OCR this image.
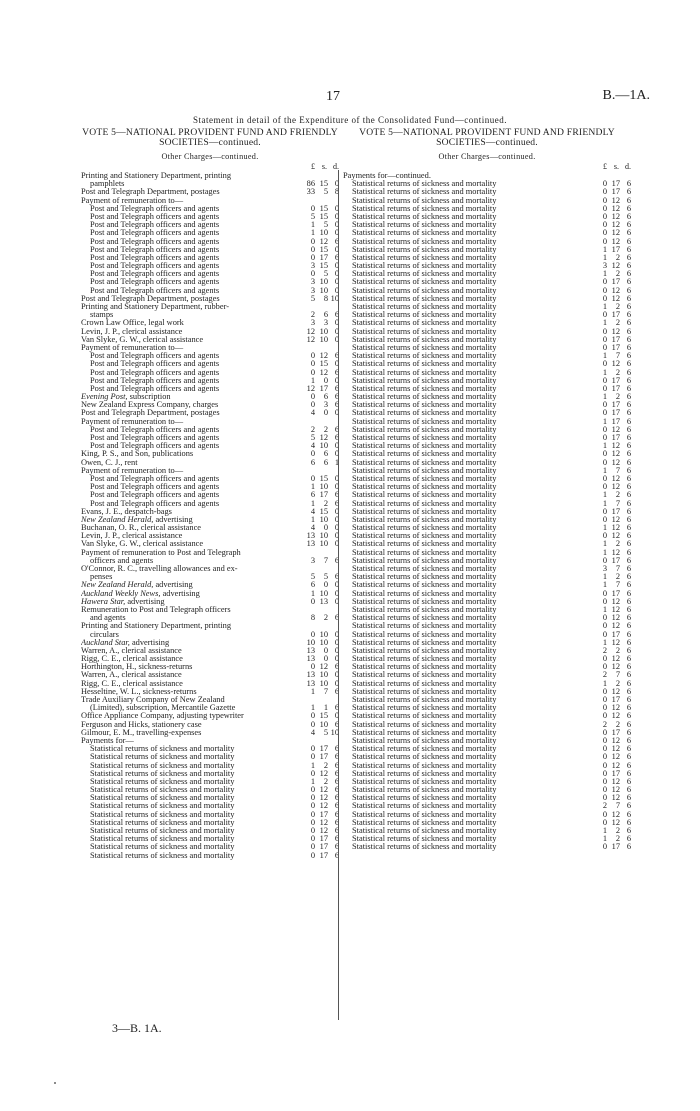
17	B.—1A.
Statement in detail of the Expenditure of the Consolidated Fund—continued.
VOTE 5—NATIONAL PROVIDENT FUND AND FRIENDLY SOCIETIES—continued.
Other Charges—continued.
£ s. d.
Printing and Stationery Department, printing
pamphlets	86 15 0
Post and Telegraph Department, postages	33	5 8
Payment of remuneration to—
Post and Telegraph officers and agents	0 15 0
Post and Telegraph officers and agents	5 15 0
Post and Telegraph officers and agents	1	5 0
Post and Telegraph officers and agents	1 10 0
Post and Telegraph officers and agents	0 12 6
Post and Telegraph officers and agents	0 15 0
Post and Telegraph officers and agents	0 17 6
Post and Telegraph officers and agents	3 15 0
Post and Telegraph officers and agents	0	5 0
Post and Telegraph officers and agents	3 10 0
Post and Telegraph officers and agents	3 10 0
Post and Telegraph Department, postages	5	8 10
Printing and Stationery Department, rubber-
stamps	2	6 6
Crown Law Office, legal work	3	3 0
Levin, J. P., clerical assistance	12 10 0
Van Slyke, G. W., clerical assistance	12 10 0
Payment of remuneration to—
Post and Telegraph officers and agents	0 12 6
Post and Telegraph officers and agents	0 15 0
Post and Telegraph officers and agents	0 12 6
Post and Telegraph officers and agents	1	0 0
Post and Telegraph officers and agents	12 17 6
Evening Post, subscription	0	6 6
New Zealand Express Company, charges	0	3 6
Post and Telegraph Department, postages	4	0 0
Payment of remuneration to—
Post and Telegraph officers and agents	2	2 6
Post and Telegraph officers and agents	5 12 6
Post and Telegraph officers and agents	4 10 0
King, P. S., and Son, publications	0	6 0
Owen, C. J., rent	6	6 1
Payment of remuneration to—
Post and Telegraph officers and agents	0 15 0
Post and Telegraph officers and agents	1 10 0
Post and Telegraph officers and agents	6 17 6
Post and Telegraph officers and agents	1	2 6
Evans, J. E., despatch-bags	4 15 0
New Zealand Herald, advertising	1 10 0
Buchanan, O. R., clerical assistance	4	0 0
Levin, J. P., clerical assistance	13 10 0
Van Slyke, G. W., clerical assistance	13 10 0
Payment of remuneration to Post and Telegraph
officers and agents	3	7 6
O'Connor, R. C., travelling allowances and ex-
penses	5	5 6
New Zealand Herald, advertising	6	0 0
Auckland Weekly News, advertising	1 10 0
Hawera Star, advertising	0 13 0
Remuneration to Post and Telegraph officers
and agents	8	2 6
Printing and Stationery Department, printing
circulars	0 10 0
Auckland Star, advertising	10 10 0
Warren, A., clerical assistance	13	0 0
Rigg, C. E., clerical assistance	13	0 0
Horthington, H., sickness-returns	0 12 6
Warren, A., clerical assistance	13 10 0
Rigg, C. E., clerical assistance	13 10 0
Hesseltine, W. L., sickness-returns	1	7 6
Trade Auxiliary Company of New Zealand
(Limited), subscription, Mercantile Gazette	1	1 6
Office Appliance Company, adjusting typewriter	0 15 0
Ferguson and Hicks, stationery case	0 10 6
Gilmour, E. M., travelling-expenses	4	5 10
Payments for—
Statistical returns of sickness and mortality	0 17 6
Statistical returns of sickness and mortality	0 17 6
Statistical returns of sickness and mortality	1	2 6
Statistical returns of sickness and mortality	0 12 6
Statistical returns of sickness and mortality	1	2 6
Statistical returns of sickness and mortality	0 12 6
Statistical returns of sickness and mortality	0 12 6
Statistical returns of sickness and mortality	0 12 6
Statistical returns of sickness and mortality	0 17 6
Statistical returns of sickness and mortality	0 12 6
Statistical returns of sickness and mortality	0 12 6
Statistical returns of sickness and mortality	0 17 6
Statistical returns of sickness and mortality	0 17 6
Statistical returns of sickness and mortality	0 17 6
VOTE 5—NATIONAL PROVIDENT FUND AND FRIENDLY SOCIETIES—continued.
Other Charges—continued.
£ s. d.
Payments for—continued.
Statistical returns of sickness and mortality	0 17 6
Statistical returns of sickness and mortality	0 17 6
Statistical returns of sickness and mortality	0 12 6
Statistical returns of sickness and mortality	0 12 6
Statistical returns of sickness and mortality	0 12 6
Statistical returns of sickness and mortality	0 12 6
Statistical returns of sickness and mortality	0 12 6
Statistical returns of sickness and mortality	0 12 6
Statistical returns of sickness and mortality	1 17 6
Statistical returns of sickness and mortality	1	2 6
Statistical returns of sickness and mortality	3 12 6
Statistical returns of sickness and mortality	1	2 6
Statistical returns of sickness and mortality	0 17 6
Statistical returns of sickness and mortality	0 12 6
Statistical returns of sickness and mortality	0 12 6
Statistical returns of sickness and mortality	1	2 6
Statistical returns of sickness and mortality	0 17 6
Statistical returns of sickness and mortality	1	2 6
Statistical returns of sickness and mortality	0 12 6
Statistical returns of sickness and mortality	0 17 6
Statistical returns of sickness and mortality	0 17 6
Statistical returns of sickness and mortality	1	7 6
Statistical returns of sickness and mortality	0 12 6
Statistical returns of sickness and mortality	1	2 6
Statistical returns of sickness and mortality	0 17 6
Statistical returns of sickness and mortality	0 17 6
Statistical returns of sickness and mortality	1	2 6
Statistical returns of sickness and mortality	0 17 6
Statistical returns of sickness and mortality	0 17 6
Statistical returns of sickness and mortality	1 17 6
Statistical returns of sickness and mortality	0 12 6
Statistical returns of sickness and mortality	0 17 6
Statistical returns of sickness and mortality	1 12 6
Statistical returns of sickness and mortality	0 12 6
Statistical returns of sickness and mortality	0 12 6
Statistical returns of sickness and mortality	1	7 6
Statistical returns of sickness and mortality	0 12 6
Statistical returns of sickness and mortality	0 12 6
Statistical returns of sickness and mortality	1	2 6
Statistical returns of sickness and mortality	1	7 6
Statistical returns of sickness and mortality	0 17 6
Statistical returns of sickness and mortality	0 12 6
Statistical returns of sickness and mortality	1 12 6
Statistical returns of sickness and mortality	0 12 6
Statistical returns of sickness and mortality	1	2 6
Statistical returns of sickness and mortality	1 12 6
Statistical returns of sickness and mortality	0 17 6
Statistical returns of sickness and mortality	3	7 6
Statistical returns of sickness and mortality	1	2 6
Statistical returns of sickness and mortality	1	7 6
Statistical returns of sickness and mortality	0 17 6
Statistical returns of sickness and mortality	0 12 6
Statistical returns of sickness and mortality	1 12 6
Statistical returns of sickness and mortality	0 12 6
Statistical returns of sickness and mortality	0 12 6
Statistical returns of sickness and mortality	0 17 6
Statistical returns of sickness and mortality	1 12 6
Statistical returns of sickness and mortality	2	2 6
Statistical returns of sickness and mortality	0 12 6
Statistical returns of sickness and mortality	0 12 6
Statistical returns of sickness and mortality	2	7 6
Statistical returns of sickness and mortality	1	2 6
Statistical returns of sickness and mortality	0 12 6
Statistical returns of sickness and mortality	0 17 6
Statistical returns of sickness and mortality	0 12 6
Statistical returns of sickness and mortality	0 12 6
Statistical returns of sickness and mortality	2	2 6
Statistical returns of sickness and mortality	0 17 6
Statistical returns of sickness and mortality	0 12 6
Statistical returns of sickness and mortality	0 12 6
Statistical returns of sickness and mortality	0 12 6
Statistical returns of sickness and mortality	0 12 6
Statistical returns of sickness and mortality	0 17 6
Statistical returns of sickness and mortality	0 12 6
Statistical returns of sickness and mortality	0 12 6
Statistical returns of sickness and mortality	0 12 6
Statistical returns of sickness and mortality	2	7 6
Statistical returns of sickness and mortality	0 12 6
Statistical returns of sickness and mortality	0 12 6
Statistical returns of sickness and mortality	1	2 6
Statistical returns of sickness and mortality	1	2 6
Statistical returns of sickness and mortality	0 17 6
3—B. 1A.
